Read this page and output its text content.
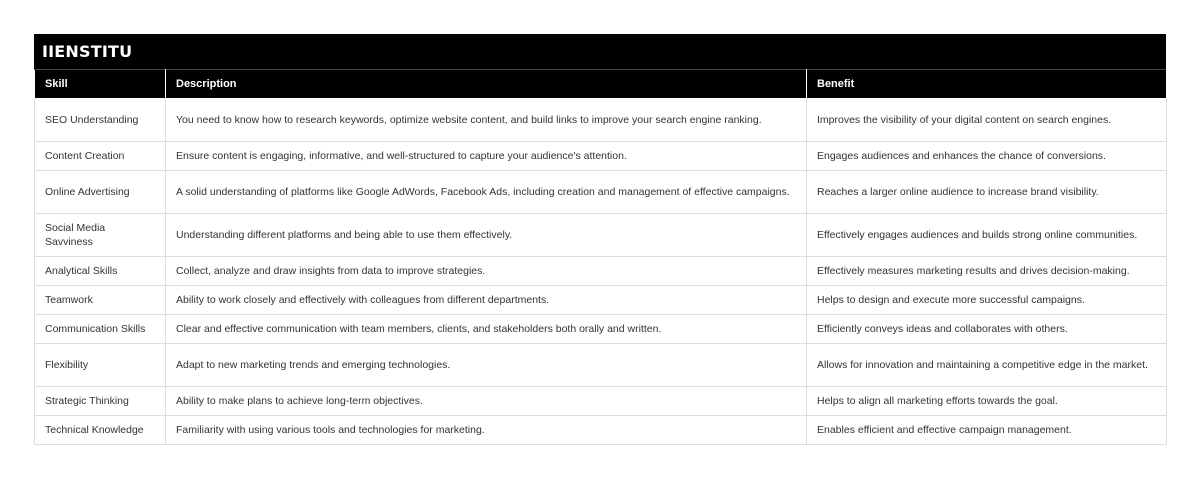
IIENSTITU
Skill	Description	Benefit
SEO Understanding	You need to know how to research keywords, optimize website content, and build links to improve your search engine ranking.	Improves the visibility of your digital content on search engines.
Content Creation	Ensure content is engaging, informative, and well-structured to capture your audience's attention.	Engages audiences and enhances the chance of conversions.
Online Advertising	A solid understanding of platforms like Google AdWords, Facebook Ads, including creation and management of effective campaigns.	Reaches a larger online audience to increase brand visibility.
Social Media Savviness	Understanding different platforms and being able to use them effectively.	Effectively engages audiences and builds strong online communities.
Analytical Skills	Collect, analyze and draw insights from data to improve strategies.	Effectively measures marketing results and drives decision-making.
Teamwork	Ability to work closely and effectively with colleagues from different departments.	Helps to design and execute more successful campaigns.
Communication Skills	Clear and effective communication with team members, clients, and stakeholders both orally and written.	Efficiently conveys ideas and collaborates with others.
Flexibility	Adapt to new marketing trends and emerging technologies.	Allows for innovation and maintaining a competitive edge in the market.
Strategic Thinking	Ability to make plans to achieve long-term objectives.	Helps to align all marketing efforts towards the goal.
Technical Knowledge	Familiarity with using various tools and technologies for marketing.	Enables efficient and effective campaign management.
